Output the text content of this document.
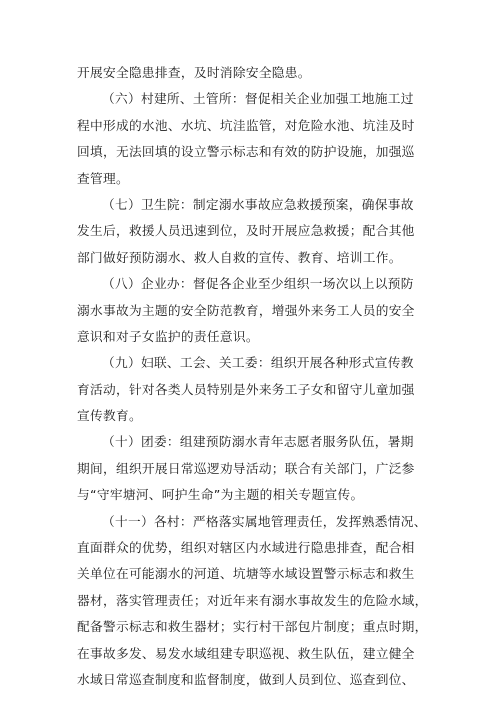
开展安全隐患排查，及时消除安全隐患。
（六）村建所、土管所：督促相关企业加强工地施工过
程中形成的水池、水坑、坑洼监管，对危险水池、坑洼及时
回填，无法回填的设立警示标志和有效的防护设施，加强巡
查管理。
（七）卫生院：制定溺水事故应急救援预案，确保事故
发生后，救援人员迅速到位，及时开展应急救援；配合其他
部门做好预防溺水、救人自救的宣传、教育、培训工作。
（八）企业办：督促各企业至少组织一场次以上以预防
溺水事故为主题的安全防范教育，增强外来务工人员的安全
意识和对子女监护的责任意识。
（九）妇联、工会、关工委：组织开展各种形式宣传教
育活动，针对各类人员特别是外来务工子女和留守儿童加强
宣传教育。
（十）团委：组建预防溺水青年志愿者服务队伍，暑期
期间，组织开展日常巡逻劝导活动；联合有关部门，广泛参
与“守牢塘河、呵护生命”为主题的相关专题宣传。
（十一）各村：严格落实属地管理责任，发挥熟悉情况、
直面群众的优势，组织对辖区内水域进行隐患排查，配合相
关单位在可能溺水的河道、坑塘等水域设置警示标志和救生
器材，落实管理责任；对近年来有溺水事故发生的危险水域，
配备警示标志和救生器材；实行村干部包片制度；重点时期，
在事故多发、易发水域组建专职巡视、救生队伍，建立健全
水域日常巡查制度和监督制度，做到人员到位、巡查到位、
